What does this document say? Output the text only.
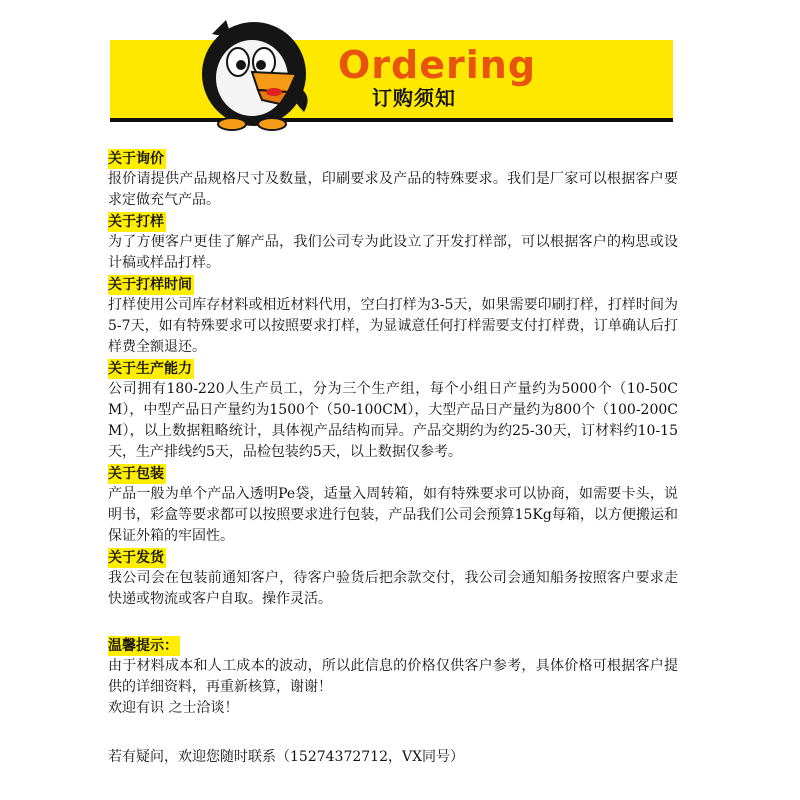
Ordering
订购须知
关于询价

报价请提供产品规格尺寸及数量，印刷要求及产品的特殊要求。我们是厂家可以根据客户要求定做充气产品。

关于打样

为了方便客户更佳了解产品，我们公司专为此设立了开发打样部，可以根据客户的构思或设计稿或样品打样。

关于打样时间

打样使用公司库存材料或相近材料代用，空白打样为3-5天，如果需要印刷打样，打样时间为5-7天，如有特殊要求可以按照要求打样，为显诚意任何打样需要支付打样费，订单确认后打样费全额退还。

关于生产能力

公司拥有180-220人生产员工，分为三个生产组，每个小组日产量约为5000个（10-50CM），中型产品日产量约为1500个（50-100CM），大型产品日产量约为800个（100-200CM），以上数据粗略统计，具体视产品结构而异。产品交期约为约25-30天，订材料约10-15天，生产排线约5天，品检包装约5天，以上数据仅参考。

关于包装

产品一般为单个产品入透明Pe袋，适量入周转箱，如有特殊要求可以协商，如需要卡头，说明书，彩盒等要求都可以按照要求进行包装，产品我们公司会预算15Kg每箱，以方便搬运和保证外箱的牢固性。

关于发货

我公司会在包装前通知客户，待客户验货后把余款交付，我公司会通知船务按照客户要求走快递或物流或客户自取。操作灵活。

温馨提示：

由于材料成本和人工成本的波动，所以此信息的价格仅供客户参考，具体价格可根据客户提供的详细资料，再重新核算，谢谢！

欢迎有识 之士洽谈！

若有疑问，欢迎您随时联系（15274372712，VX同号）
